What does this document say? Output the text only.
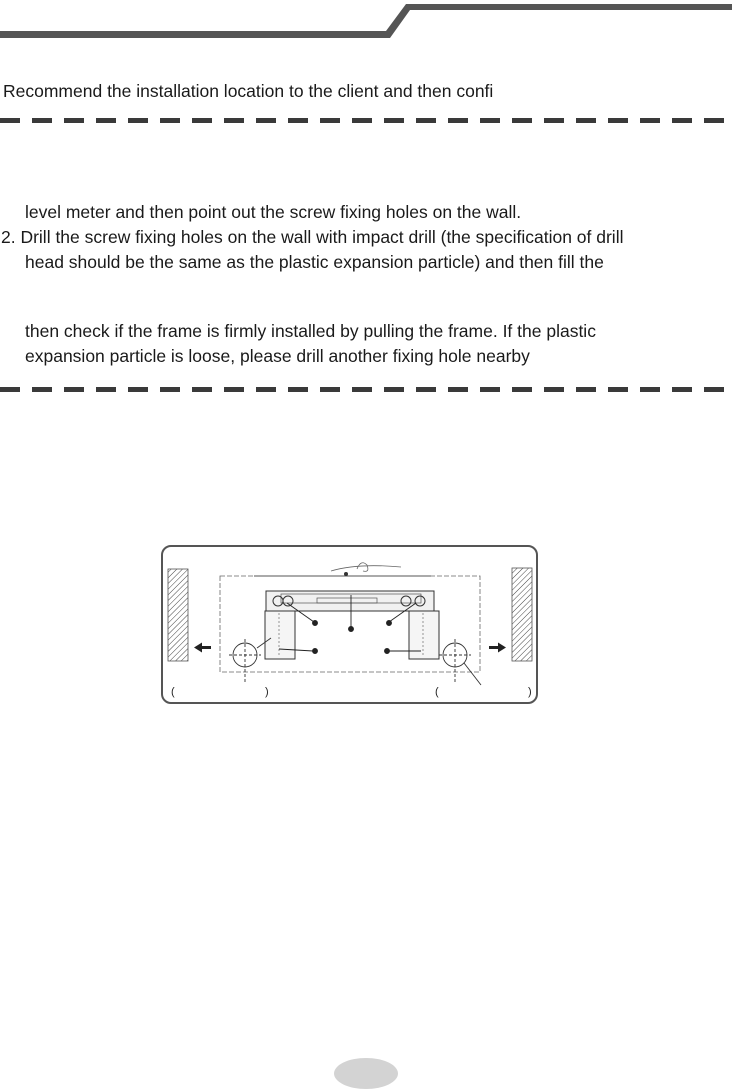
Recommend the installation location to the client and then confi
level meter and then point out the screw fixing holes on the wall.
2. Drill the screw fixing holes on the wall with impact drill (the specification of drill
head should be the same as the plastic expansion particle) and then fill the
then check if the frame is firmly installed by pulling the frame. If the plastic
expansion particle is loose, please drill another fixing hole nearby
(	)	(	)
